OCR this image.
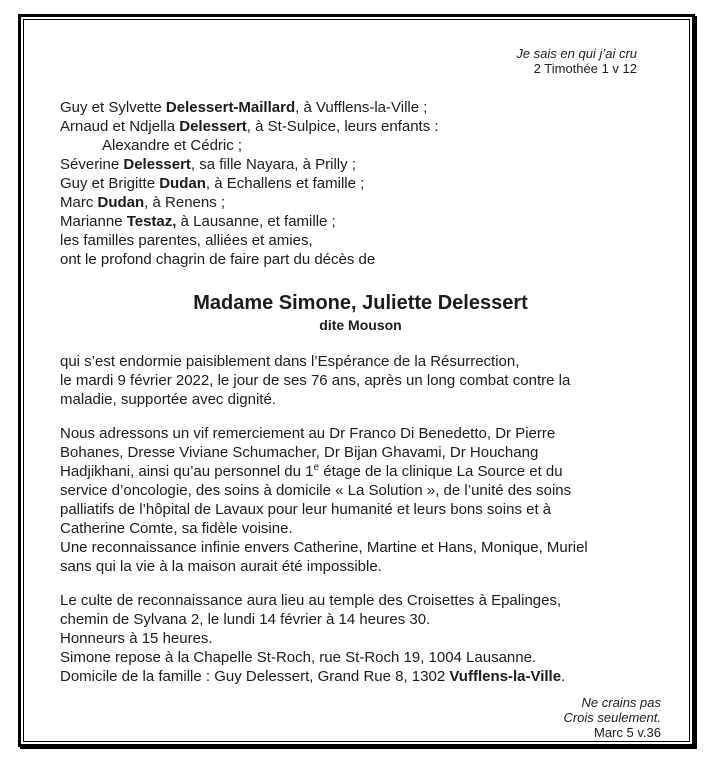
Je sais en qui j’ai cru
2 Timothée 1 v 12
Guy et Sylvette Delessert-Maillard, à Vufflens-la-Ville ;
Arnaud et Ndjella Delessert, à St-Sulpice, leurs enfants :
Alexandre et Cédric ;
Séverine Delessert, sa fille Nayara, à Prilly ;
Guy et Brigitte Dudan, à Echallens et famille ;
Marc Dudan, à Renens ;
Marianne Testaz, à Lausanne, et famille ;
les familles parentes, alliées et amies,
ont le profond chagrin de faire part du décès de
Madame Simone, Juliette Delessert
dite Mouson
qui s’est endormie paisiblement dans l’Espérance de la Résurrection,
le mardi 9 février 2022, le jour de ses 76 ans, après un long combat contre la
maladie, supportée avec dignité.
Nous adressons un vif remerciement au Dr Franco Di Benedetto, Dr Pierre
Bohanes, Dresse Viviane Schumacher, Dr Bijan Ghavami, Dr Houchang
Hadjikhani, ainsi qu’au personnel du 1e étage de la clinique La Source et du
service d’oncologie, des soins à domicile « La Solution », de l’unité des soins
palliatifs de l’hôpital de Lavaux pour leur humanité et leurs bons soins et à
Catherine Comte, sa fidèle voisine.
Une reconnaissance infinie envers Catherine, Martine et Hans, Monique, Muriel
sans qui la vie à la maison aurait été impossible.
Le culte de reconnaissance aura lieu au temple des Croisettes à Epalinges,
chemin de Sylvana 2, le lundi 14 février à 14 heures 30.
Honneurs à 15 heures.
Simone repose à la Chapelle St-Roch, rue St-Roch 19, 1004 Lausanne.
Domicile de la famille : Guy Delessert, Grand Rue 8, 1302 Vufflens-la-Ville.
Ne crains pas
Crois seulement.
Marc 5 v.36
